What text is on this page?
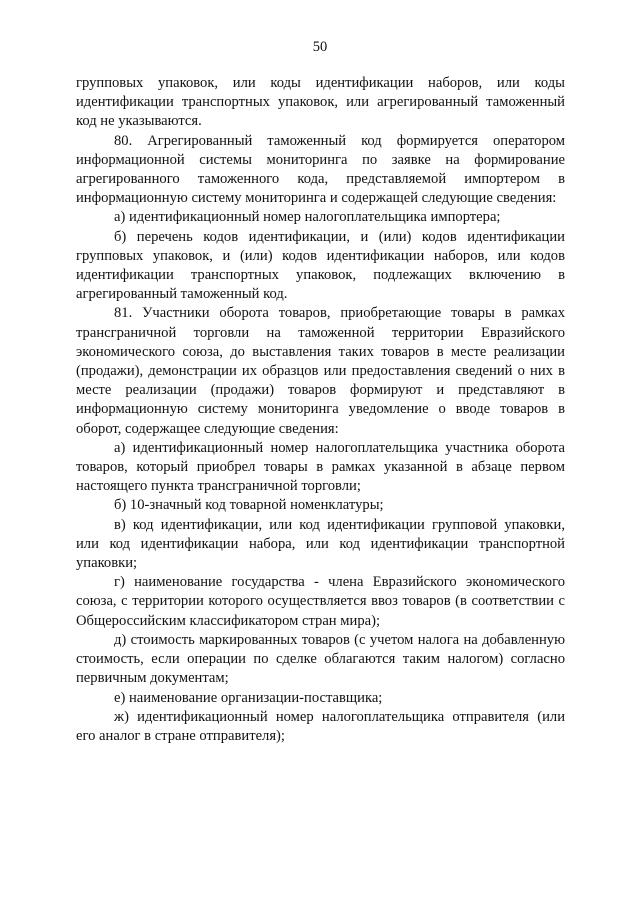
50

групповых упаковок, или коды идентификации наборов, или коды идентификации транспортных упаковок, или агрегированный таможенный код не указываются.

80. Агрегированный таможенный код формируется оператором информационной системы мониторинга по заявке на формирование агрегированного таможенного кода, представляемой импортером в информационную систему мониторинга и содержащей следующие сведения:

а) идентификационный номер налогоплательщика импортера;

б) перечень кодов идентификации, и (или) кодов идентификации групповых упаковок, и (или) кодов идентификации наборов, или кодов идентификации транспортных упаковок, подлежащих включению в агрегированный таможенный код.

81. Участники оборота товаров, приобретающие товары в рамках трансграничной торговли на таможенной территории Евразийского экономического союза, до выставления таких товаров в месте реализации (продажи), демонстрации их образцов или предоставления сведений о них в месте реализации (продажи) товаров формируют и представляют в информационную систему мониторинга уведомление о вводе товаров в оборот, содержащее следующие сведения:

а) идентификационный номер налогоплательщика участника оборота товаров, который приобрел товары в рамках указанной в абзаце первом настоящего пункта трансграничной торговли;

б) 10-значный код товарной номенклатуры;

в) код идентификации, или код идентификации групповой упаковки, или код идентификации набора, или код идентификации транспортной упаковки;

г) наименование государства - члена Евразийского экономического союза, с территории которого осуществляется ввоз товаров (в соответствии с Общероссийским классификатором стран мира);

д) стоимость маркированных товаров (с учетом налога на добавленную стоимость, если операции по сделке облагаются таким налогом) согласно первичным документам;

е) наименование организации-поставщика;

ж) идентификационный номер налогоплательщика отправителя (или его аналог в стране отправителя);
